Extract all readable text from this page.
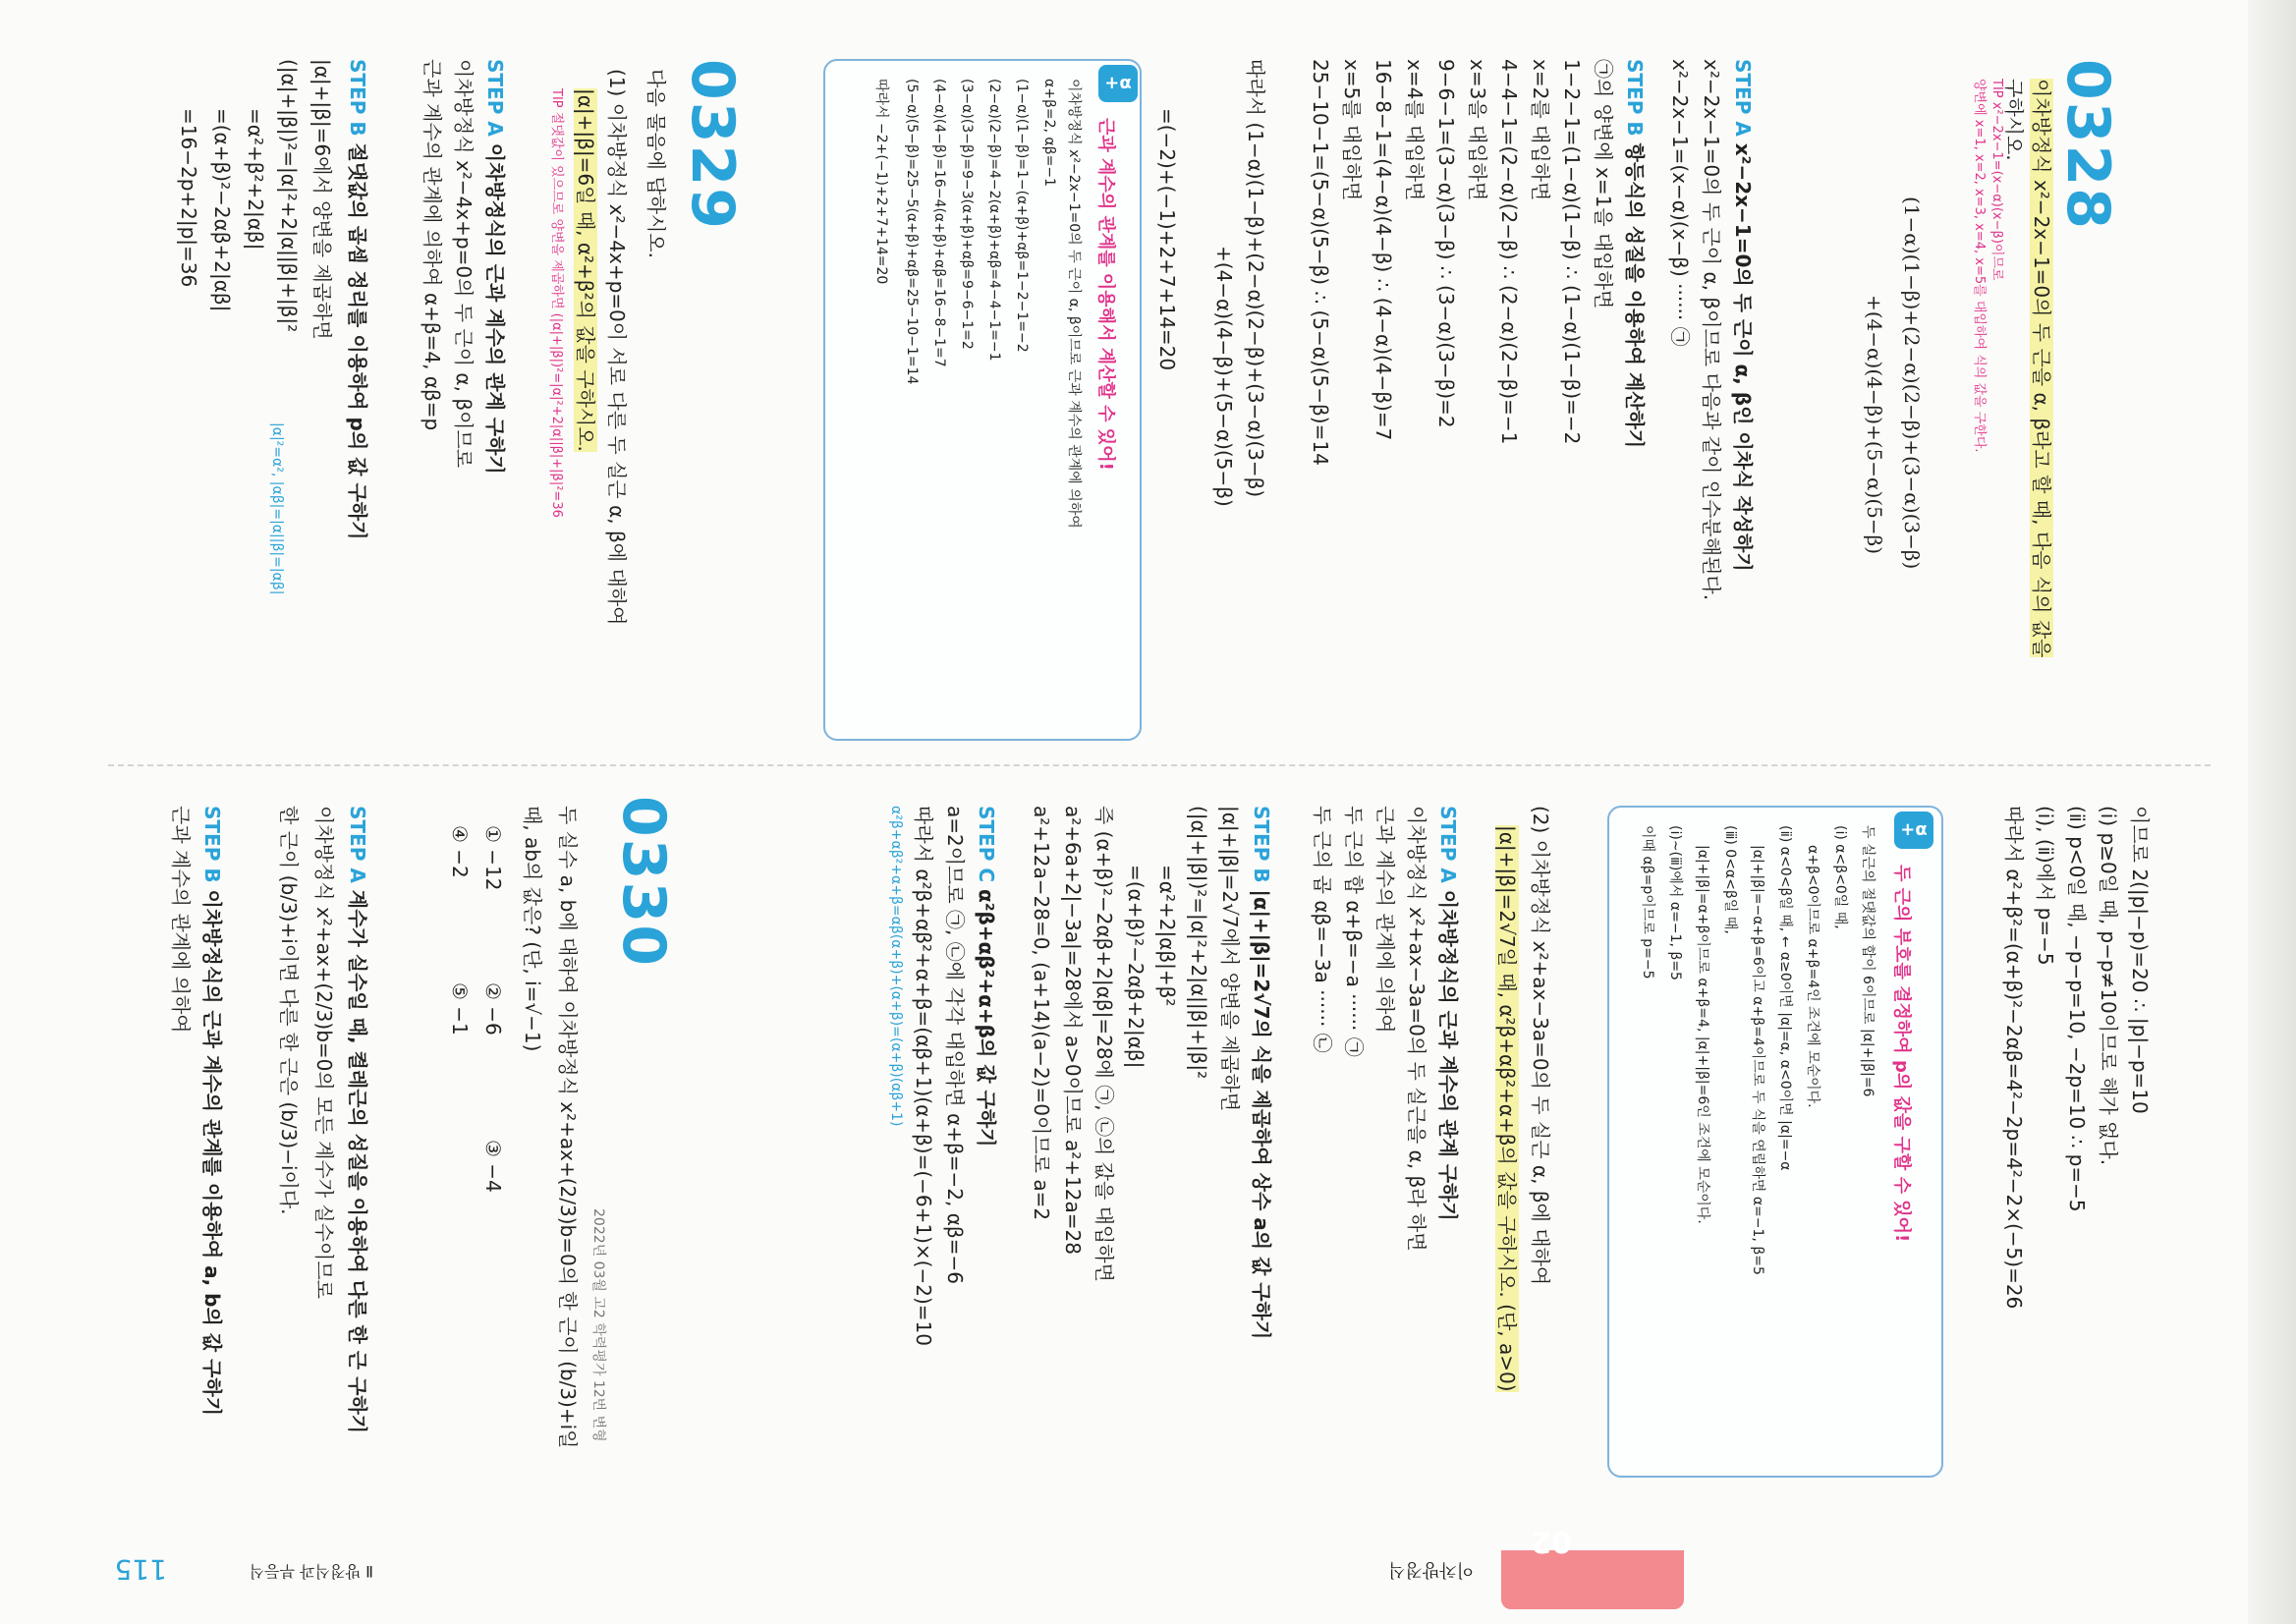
0328
이차방정식 x²−2x−1=0의 두 근을 α, β라고 할 때, 다음 식의 값을
구하시오.
TIP x²−2x−1=(x−α)(x−β)이므로
양변에 x=1, x=2, x=3, x=4, x=5를 대입하여 식의 값을 구한다.
(1−α)(1−β)+(2−α)(2−β)+(3−α)(3−β)
+(4−α)(4−β)+(5−α)(5−β)
STEP A x²−2x−1=0의 두 근이 α, β인 이차식 작성하기
x²−2x−1=0의 두 근이 α, β이므로 다음과 같이 인수분해된다.
x²−2x−1=(x−α)(x−β) ······ ㉠
STEP B 항등식의 성질을 이용하여 계산하기
㉠의 양변에 x=1을 대입하면
1−2−1=(1−α)(1−β) ∴ (1−α)(1−β)=−2
x=2를 대입하면
4−4−1=(2−α)(2−β) ∴ (2−α)(2−β)=−1
x=3을 대입하면
9−6−1=(3−α)(3−β) ∴ (3−α)(3−β)=2
x=4를 대입하면
16−8−1=(4−α)(4−β) ∴ (4−α)(4−β)=7
x=5를 대입하면
25−10−1=(5−α)(5−β) ∴ (5−α)(5−β)=14
따라서 (1−α)(1−β)+(2−α)(2−β)+(3−α)(3−β)
+(4−α)(4−β)+(5−α)(5−β)
=(−2)+(−1)+2+7+14=20
+α
근과 계수의 관계를 이용해서 계산할 수 있어!
이차방정식 x²−2x−1=0의 두 근이 α, β이므로 근과 계수의 관계에 의하여
α+β=2, αβ=−1
(1−α)(1−β)=1−(α+β)+αβ=1−2−1=−2
(2−α)(2−β)=4−2(α+β)+αβ=4−4−1=−1
(3−α)(3−β)=9−3(α+β)+αβ=9−6−1=2
(4−α)(4−β)=16−4(α+β)+αβ=16−8−1=7
(5−α)(5−β)=25−5(α+β)+αβ=25−10−1=14
따라서 −2+(−1)+2+7+14=20
0329
다음 물음에 답하시오.
(1) 이차방정식 x²−4x+p=0이 서로 다른 두 실근 α, β에 대하여
|α|+|β|=6일 때, α²+β²의 값을 구하시오.
TIP 절댓값이 있으므로 양변을 제곱하면 (|α|+|β|)²=|α|²+2|α||β|+|β|²=36
STEP A 이차방정식의 근과 계수의 관계 구하기
이차방정식 x²−4x+p=0의 두 근이 α, β이므로
근과 계수의 관계에 의하여 α+β=4, αβ=p
STEP B 절댓값의 곱셈 정리를 이용하여 p의 값 구하기
|α|+|β|=6에서 양변을 제곱하면
(|α|+|β|)²=|α|²+2|α||β|+|β|²
=α²+β²+2|αβ|
=(α+β)²−2αβ+2|αβ|
=16−2p+2|p|=36
|α|²=α², |αβ|=|α||β|=|αβ|
이므로 2(|p|−p)=20 ∴ |p|−p=10
(ⅰ) p≥0일 때, p−p≠10이므로 해가 없다.
(ⅱ) p<0일 때, −p−p=10, −2p=10 ∴ p=−5
(ⅰ), (ⅱ)에서 p=−5
따라서 α²+β²=(α+β)²−2αβ=4²−2p=4²−2×(−5)=26
+α
두 근의 부호를 결정하여 p의 값을 구할 수 있어!
두 실근의 절댓값의 합이 6이므로 |α|+|β|=6
(ⅰ) α<β<0일 때,
α+β<0이므로 α+β=4인 조건에 모순이다.
(ⅱ) α<0<β일 때, ← α≥0이면 |α|=α, α<0이면 |α|=−α
|α|+|β|=−α+β=6이고 α+β=4이므로 두 식을 연립하면 α=−1, β=5
(ⅲ) 0<α<β일 때,
|α|+|β|=α+β이므로 α+β=4, |α|+|β|=6인 조건에 모순이다.
(ⅰ)~(ⅲ)에서 α=−1, β=5
이때 αβ=p이므로 p=−5
(2) 이차방정식 x²+ax−3a=0의 두 실근 α, β에 대하여
|α|+|β|=2√7일 때, α²β+αβ²+α+β의 값을 구하시오. (단, a>0)
STEP A 이차방정식의 근과 계수의 관계 구하기
이차방정식 x²+ax−3a=0의 두 실근을 α, β라 하면
근과 계수의 관계에 의하여
두 근의 합 α+β=−a ······ ㉠
두 근의 곱 αβ=−3a ······ ㉡
STEP B |α|+|β|=2√7의 식을 제곱하여 상수 a의 값 구하기
|α|+|β|=2√7에서 양변을 제곱하면
(|α|+|β|)²=|α|²+2|α||β|+|β|²
=α²+2|αβ|+β²
=(α+β)²−2αβ+2|αβ|
즉 (α+β)²−2αβ+2|αβ|=28에 ㉠, ㉡의 값을 대입하면
a²+6a+2|−3a|=28에서 a>0이므로 a²+12a=28
a²+12a−28=0, (a+14)(a−2)=0이므로 a=2
STEP C α²β+αβ²+α+β의 값 구하기
a=2이므로 ㉠, ㉡에 각각 대입하면 α+β=−2, αβ=−6
따라서 α²β+αβ²+α+β=(αβ+1)(α+β)=(−6+1)×(−2)=10
α²β+αβ²+α+β=αβ(α+β)+(α+β)=(α+β)(αβ+1)
0330
2022년 03월 고2 학력평가 12번 변형
두 실수 a, b에 대하여 이차방정식 x²+ax+(2/3)b=0의 한 근이 (b/3)+i일
때, ab의 값은? (단, i=√−1)
① −12
② −6
③ −4
④ −2
⑤ −1
STEP A 계수가 실수일 때, 켤레근의 성질을 이용하여 다른 한 근 구하기
이차방정식 x²+ax+(2/3)b=0의 모든 계수가 실수이므로
한 근이 (b/3)+i이면 다른 한 근은 (b/3)−i이다.
STEP B 이차방정식의 근과 계수의 관계를 이용하여 a, b의 값 구하기
근과 계수의 관계에 의하여
02
이차방정식
115	Ⅱ 방정식과 부등식
